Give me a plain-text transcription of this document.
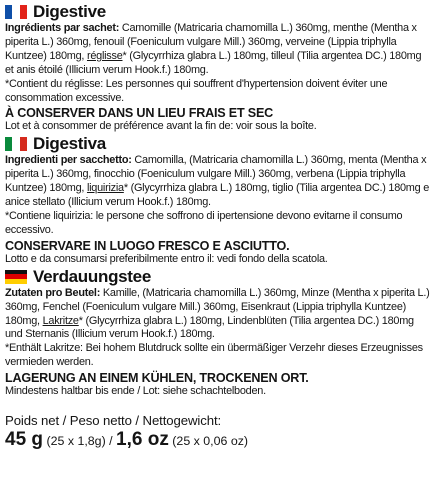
Digestive
Ingrédients par sachet: Camomille (Matricaria chamomilla L.) 360mg, menthe (Mentha x piperita L.) 360mg, fenouil (Foeniculum vulgare Mill.) 360mg, verveine (Lippia triphylla Kuntzee) 180mg, réglisse* (Glycyrrhiza glabra L.) 180mg, tilleul (Tilia argentea DC.) 180mg et anis étoilé (Illicium verum Hook.f.) 180mg.
*Contient du réglisse: Les personnes qui souffrent d'hypertension doivent éviter une consommation excessive.
À CONSERVER DANS UN LIEU FRAIS ET SEC
Lot et à consommer de préférence avant la fin de: voir sous la boîte.
Digestiva
Ingredienti per sacchetto: Camomilla, (Matricaria chamomilla L.) 360mg, menta (Mentha x piperita L.) 360mg, finocchio (Foeniculum vulgare Mill.) 360mg, verbena (Lippia triphylla Kuntzee) 180mg, liquirizia* (Glycyrrhiza glabra L.) 180mg, tiglio (Tilia argentea DC.) 180mg e anice stellato (Illicium verum Hook.f.) 180mg.
*Contiene liquirizia: le persone che soffrono di ipertensione devono evitarne il consumo eccessivo.
CONSERVARE IN LUOGO FRESCO E ASCIUTTO.
Lotto e da consumarsi preferibilmente entro il: vedi fondo della scatola.
Verdauungstee
Zutaten pro Beutel: Kamille, (Matricaria chamomilla L.) 360mg, Minze (Mentha x piperita L.) 360mg, Fenchel (Foeniculum vulgare Mill.) 360mg, Eisenkraut (Lippia triphylla Kuntzee) 180mg, Lakritze* (Glycyrrhiza glabra L.) 180mg, Lindenblüten (Tilia argentea DC.) 180mg und Sternanis (Illicium verum Hook.f.) 180mg.
*Enthält Lakritze: Bei hohem Blutdruck sollte ein übermäßiger Verzehr dieses Erzeugnisses vermieden werden.
LAGERUNG AN EINEM KÜHLEN, TROCKENEN ORT.
Mindestens haltbar bis ende / Lot: siehe schachtelboden.
Poids net / Peso netto / Nettogewicht:
45 g (25 x 1,8g) / 1,6 oz (25 x 0,06 oz)
